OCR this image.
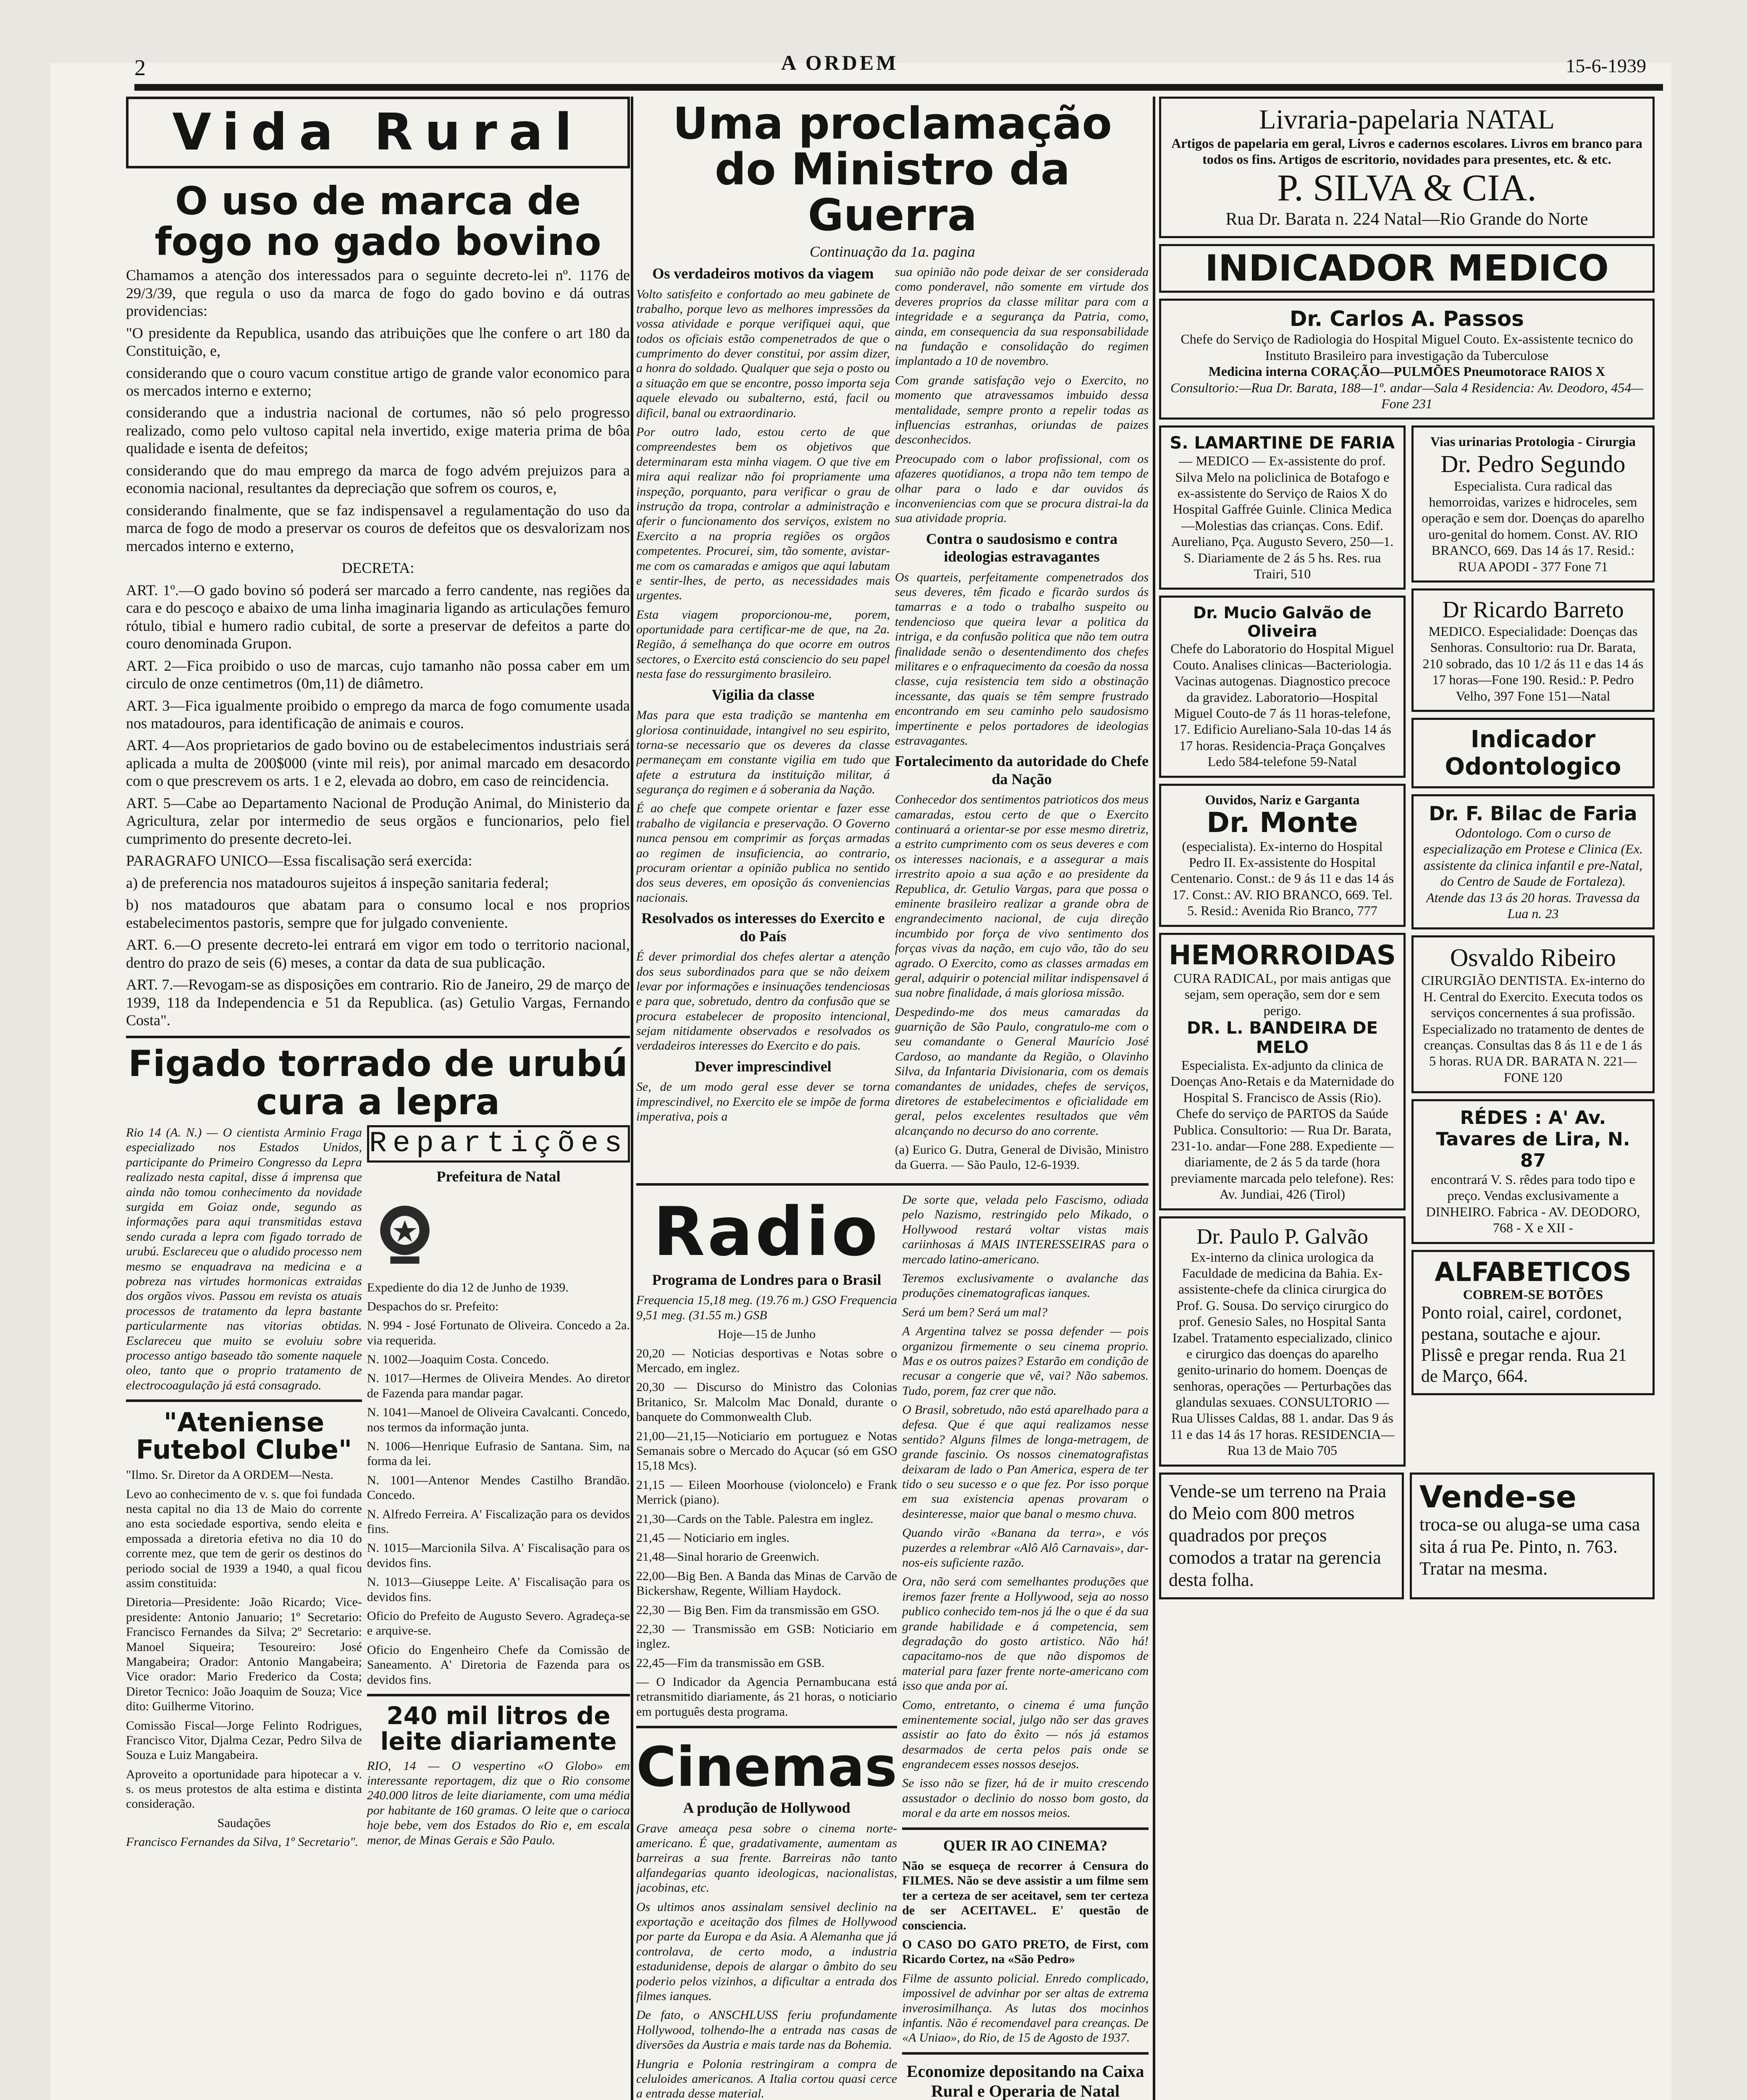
2	A ORDEM	15-6-1939
Vida Rural
O uso de marca de fogo no gado bovino

Chamamos a atenção dos interessados para o seguinte decreto-lei nº. 1176 de 29/3/39, que regula o uso da marca de fogo do gado bovino e dá outras providencias:

"O presidente da Republica, usando das atribuições que lhe confere o art 180 da Constituição, e,

considerando que o couro vacum constitue artigo de grande valor economico para os mercados interno e externo;

considerando que a industria nacional de cortumes, não só pelo progresso realizado, como pelo vultoso capital nela invertido, exige materia prima de bôa qualidade e isenta de defeitos;

considerando que do mau emprego da marca de fogo advém prejuizos para a economia nacional, resultantes da depreciação que sofrem os couros, e,

considerando finalmente, que se faz indispensavel a regulamentação do uso da marca de fogo de modo a preservar os couros de defeitos que os desvalorizam nos mercados interno e externo,

DECRETA:

ART. 1º.—O gado bovino só poderá ser marcado a ferro candente, nas regiões da cara e do pescoço e abaixo de uma linha imaginaria ligando as articulações femuro rótulo, tibial e humero radio cubital, de sorte a preservar de defeitos a parte do couro denominada Grupon.

ART. 2—Fica proibido o uso de marcas, cujo tamanho não possa caber em um circulo de onze centimetros (0m,11) de diâmetro.

ART. 3—Fica igualmente proibido o emprego da marca de fogo comumente usada nos matadouros, para identificação de animais e couros.

ART. 4—Aos proprietarios de gado bovino ou de estabelecimentos industriais será aplicada a multa de 200$000 (vinte mil reis), por animal marcado em desacordo com o que prescrevem os arts. 1 e 2, elevada ao dobro, em caso de reincidencia.

ART. 5—Cabe ao Departamento Nacional de Produção Animal, do Ministerio da Agricultura, zelar por intermedio de seus orgãos e funcionarios, pelo fiel cumprimento do presente decreto-lei.

PARAGRAFO UNICO—Essa fiscalisação será exercida:

a) de preferencia nos matadouros sujeitos á inspeção sanitaria federal;

b) nos matadouros que abatam para o consumo local e nos proprios estabelecimentos pastoris, sempre que for julgado conveniente.

ART. 6.—O presente decreto-lei entrará em vigor em todo o territorio nacional, dentro do prazo de seis (6) meses, a contar da data de sua publicação.

ART. 7.—Revogam-se as disposições em contrario. Rio de Janeiro, 29 de março de 1939, 118 da Independencia e 51 da Republica. (as) Getulio Vargas, Fernando Costa".

Figado torrado de urubú cura a lepra

Rio 14 (A. N.) — O cientista Arminio Fraga especializado nos Estados Unidos, participante do Primeiro Congresso da Lepra realizado nesta capital, disse á imprensa que ainda não tomou conhecimento da novidade surgida em Goiaz onde, segundo as informações para aqui transmitidas estava sendo curada a lepra com figado torrado de urubú. Esclareceu que o aludido processo nem mesmo se enquadrava na medicina e a pobreza nas virtudes hormonicas extraidas dos orgãos vivos. Passou em revista os atuais processos de tratamento da lepra bastante particularmente nas vitorias obtidas. Esclareceu que muito se evoluiu sobre processo antigo baseado tão somente naquele oleo, tanto que o proprio tratamento de electrocoagulação já está consagrado.

"Ateniense Futebol Clube"

"Ilmo. Sr. Diretor da A ORDEM—Nesta.

Levo ao conhecimento de v. s. que foi fundada nesta capital no dia 13 de Maio do corrente ano esta sociedade esportiva, sendo eleita e empossada a diretoria efetiva no dia 10 do corrente mez, que tem de gerir os destinos do periodo social de 1939 a 1940, a qual ficou assim constituida:

Diretoria—Presidente: João Ricardo; Vice-presidente: Antonio Januario; 1º Secretario: Francisco Fernandes da Silva; 2º Secretario: Manoel Siqueira; Tesoureiro: José Mangabeira; Orador: Antonio Mangabeira; Vice orador: Mario Frederico da Costa; Diretor Tecnico: João Joaquim de Souza; Vice dito: Guilherme Vitorino.

Comissão Fiscal—Jorge Felinto Rodrigues, Francisco Vitor, Djalma Cezar, Pedro Silva de Souza e Luiz Mangabeira.

Aproveito a oportunidade para hipotecar a v. s. os meus protestos de alta estima e distinta consideração.

Saudações

Francisco Fernandes da Silva, 1º Secretario".

Repartições

Prefeitura de Natal

Expediente do dia 12 de Junho de 1939.

Despachos do sr. Prefeito:

N. 994 - José Fortunato de Oliveira. Concedo a 2a. via requerida.

N. 1002—Joaquim Costa. Concedo.

N. 1017—Hermes de Oliveira Mendes. Ao diretor de Fazenda para mandar pagar.

N. 1041—Manoel de Oliveira Cavalcanti. Concedo, nos termos da informação junta.

N. 1006—Henrique Eufrasio de Santana. Sim, na forma da lei.

N. 1001—Antenor Mendes Castilho Brandão. Concedo.

N. Alfredo Ferreira. A' Fiscalização para os devidos fins.

N. 1015—Marcionila Silva. A' Fiscalisação para os devidos fins.

N. 1013—Giuseppe Leite. A' Fiscalisação para os devidos fins.

Oficio do Prefeito de Augusto Severo. Agradeça-se e arquive-se.

Oficio do Engenheiro Chefe da Comissão de Saneamento. A' Diretoria de Fazenda para os devidos fins.

240 mil litros de leite diariamente

RIO, 14 — O vespertino «O Globo» em interessante reportagem, diz que o Rio consome 240.000 litros de leite diariamente, com uma média por habitante de 160 gramas. O leite que o carioca hoje bebe, vem dos Estados do Rio e, em escala menor, de Minas Gerais e São Paulo.

Uma proclamação do Ministro da Guerra

Continuação da 1a. pagina

Os verdadeiros motivos da viagem

Volto satisfeito e confortado ao meu gabinete de trabalho, porque levo as melhores impressões da vossa atividade e porque verifiquei aqui, que todos os oficiais estão compenetrados de que o cumprimento do dever constitui, por assim dizer, a honra do soldado. Qualquer que seja o posto ou a situação em que se encontre, posso importa seja aquele elevado ou subalterno, está, facil ou dificil, banal ou extraordinario.

Por outro lado, estou certo de que compreendestes bem os objetivos que determinaram esta minha viagem. O que tive em mira aqui realizar não foi propriamente uma inspeção, porquanto, para verificar o grau de instrução da tropa, controlar a administração e aferir o funcionamento dos serviços, existem no Exercito a na propria regiões os orgãos competentes. Procurei, sim, tão somente, avistar-me com os camaradas e amigos que aqui labutam e sentir-lhes, de perto, as necessidades mais urgentes.

Esta viagem proporcionou-me, porem, oportunidade para certificar-me de que, na 2a. Região, á semelhança do que ocorre em outros sectores, o Exercito está consciencio do seu papel nesta fase do ressurgimento brasileiro.

Vigilia da classe

Mas para que esta tradição se mantenha em gloriosa continuidade, intangivel no seu espirito, torna-se necessario que os deveres da classe permaneçam em constante vigilia em tudo que afete a estrutura da instituição militar, á segurança do regimen e á soberania da Nação.

É ao chefe que compete orientar e fazer esse trabalho de vigilancia e preservação. O Governo nunca pensou em comprimir as forças armadas ao regimen de insuficiencia, ao contrario, procuram orientar a opinião publica no sentido dos seus deveres, em oposição ás conveniencias nacionais.

Resolvados os interesses do Exercito e do País

É dever primordial dos chefes alertar a atenção dos seus subordinados para que se não deixem levar por informações e insinuações tendenciosas e para que, sobretudo, dentro da confusão que se procura estabelecer de proposito intencional, sejam nitidamente observados e resolvados os verdadeiros interesses do Exercito e do pais.

Dever imprescindivel

Se, de um modo geral esse dever se torna imprescindivel, no Exercito ele se impõe de forma imperativa, pois a

sua opinião não pode deixar de ser considerada como ponderavel, não somente em virtude dos deveres proprios da classe militar para com a integridade e a segurança da Patria, como, ainda, em consequencia da sua responsabilidade na fundação e consolidação do regimen implantado a 10 de novembro.

Com grande satisfação vejo o Exercito, no momento que atravessamos imbuido dessa mentalidade, sempre pronto a repelir todas as influencias estranhas, oriundas de paizes desconhecidos.

Preocupado com o labor profissional, com os afazeres quotidianos, a tropa não tem tempo de olhar para o lado e dar ouvidos ás inconveniencias com que se procura distrai-la da sua atividade propria.

Contra o saudosismo e contra ideologias estravagantes

Os quarteis, perfeitamente compenetrados dos seus deveres, têm ficado e ficarão surdos ás tamarras e a todo o trabalho suspeito ou tendencioso que queira levar a politica da intriga, e da confusão politica que não tem outra finalidade senão o desentendimento dos chefes militares e o enfraquecimento da coesão da nossa classe, cuja resistencia tem sido a obstinação incessante, das quais se têm sempre frustrado encontrando em seu caminho pelo saudosismo impertinente e pelos portadores de ideologias estravagantes.

Fortalecimento da autoridade do Chefe da Nação

Conhecedor dos sentimentos patrioticos dos meus camaradas, estou certo de que o Exercito continuará a orientar-se por esse mesmo diretriz, a estrito cumprimento com os seus deveres e com os interesses nacionais, e a assegurar a mais irrestrito apoio a sua ação e ao presidente da Republica, dr. Getulio Vargas, para que possa o eminente brasileiro realizar a grande obra de engrandecimento nacional, de cuja direção incumbido por força de vivo sentimento dos forças vivas da nação, em cujo vão, tão do seu agrado. O Exercito, como as classes armadas em geral, adquirir o potencial militar indispensavel á sua nobre finalidade, á mais gloriosa missão.

Despedindo-me dos meus camaradas da guarnição de São Paulo, congratulo-me com o seu comandante o General Maurício José Cardoso, ao mandante da Região, o Olavinho Silva, da Infantaria Divisionaria, com os demais comandantes de unidades, chefes de serviços, diretores de estabelecimentos e oficialidade em geral, pelos excelentes resultados que vêm alcançando no decurso do ano corrente.

(a) Eurico G. Dutra, General de Divisão, Ministro da Guerra. — São Paulo, 12-6-1939.

Radio

Programa de Londres para o Brasil

Frequencia 15,18 meg. (19.76 m.) GSO Frequencia 9,51 meg. (31.55 m.) GSB

Hoje—15 de Junho

20,20 — Noticias desportivas e Notas sobre o Mercado, em inglez.

20,30 — Discurso do Ministro das Colonias Britanico, Sr. Malcolm Mac Donald, durante o banquete do Commonwealth Club.

21,00—21,15—Noticiario em portuguez e Notas Semanais sobre o Mercado do Açucar (só em GSO 15,18 Mcs).

21,15 — Eileen Moorhouse (violoncelo) e Frank Merrick (piano).

21,30—Cards on the Table. Palestra em inglez.

21,45 — Noticiario em ingles.

21,48—Sinal horario de Greenwich.

22,00—Big Ben. A Banda das Minas de Carvão de Bickershaw, Regente, William Haydock.

22,30 — Big Ben. Fim da transmissão em GSO.

22,30 — Transmissão em GSB: Noticiario em inglez.

22,45—Fim da transmissão em GSB.

— O Indicador da Agencia Pernambucana está retransmitido diariamente, ás 21 horas, o noticiario em português desta programa.

Cinemas

A produção de Hollywood

Grave ameaça pesa sobre o cinema norte-americano. É que, gradativamente, aumentam as barreiras a sua frente. Barreiras não tanto alfandegarias quanto ideologicas, nacionalistas, jacobinas, etc.

Os ultimos anos assinalam sensivel declinio na exportação e aceitação dos filmes de Hollywood por parte da Europa e da Asia. A Alemanha que já controlava, de certo modo, a industria estadunidense, depois de alargar o âmbito do seu poderio pelos vizinhos, a dificultar a entrada dos filmes ianques.

De fato, o ANSCHLUSS feriu profundamente Hollywood, tolhendo-lhe a entrada nas casas de diversões da Austria e mais tarde nas da Bohemia.

Hungria e Polonia restringiram a compra de celuloides americanos. A Italia cortou quasi cerce a entrada desse material.

De sorte que, velada pelo Fascismo, odiada pelo Nazismo, restringido pelo Mikado, o Hollywood restará voltar vistas mais cariinhosas á MAIS INTERESSEIRAS para o mercado latino-americano.

Teremos exclusivamente o avalanche das produções cinematograficas ianques.

Será um bem? Será um mal?

A Argentina talvez se possa defender — pois organizou firmemente o seu cinema proprio. Mas e os outros paizes? Estarão em condição de recusar a congerie que vê, vai? Não sabemos. Tudo, porem, faz crer que não.

O Brasil, sobretudo, não está aparelhado para a defesa. Que é que aqui realizamos nesse sentido? Alguns filmes de longa-metragem, de grande fascinio. Os nossos cinematografistas deixaram de lado o Pan America, espera de ter tido o seu sucesso e o que fez. Por isso porque em sua existencia apenas provaram o desinteresse, maior que banal o mesmo chuva.

Quando virão «Banana da terra», e vós puzerdes a relembrar «Alô Alô Carnavais», dar-nos-eis suficiente razão.

Ora, não será com semelhantes produções que iremos fazer frente a Hollywood, seja ao nosso publico conhecido tem-nos já lhe o que é da sua grande habilidade e á competencia, sem degradação do gosto artistico. Não há! capacitamo-nos de que não dispomos de material para fazer frente norte-americano com isso que anda por aí.

Como, entretanto, o cinema é uma função eminentemente social, julgo não ser das graves assistir ao fato do êxito — nós já estamos desarmados de certa pelos pais onde se engrandecem esses nossos desejos.

Se isso não se fizer, há de ir muito crescendo assustador o declinio do nosso bom gosto, da moral e da arte em nossos meios.

QUER IR AO CINEMA?

Não se esqueça de recorrer á Censura do FILMES. Não se deve assistir a um filme sem ter a certeza de ser aceitavel, sem ter certeza de ser ACEITAVEL. E' questão de consciencia.

O CASO DO GATO PRETO, de First, com Ricardo Cortez, na «São Pedro»

Filme de assunto policial. Enredo complicado, impossivel de advinhar por ser altas de extrema inverosimilhança. As lutas dos mocinhos infantis. Não é recomendavel para creanças. De «A Uniao», do Rio, de 15 de Agosto de 1937.

Economize depositando na Caixa Rural e Operaria de Natal

Livraria-papelaria NATAL
Artigos de papelaria em geral, Livros e cadernos escolares. Livros em branco para todos os fins. Artigos de escritorio, novidades para presentes, etc. & etc.
P. SILVA & CIA.
Rua Dr. Barata n. 224 Natal—Rio Grande do Norte
INDICADOR MEDICO
Dr. Carlos A. Passos
Chefe do Serviço de Radiologia do Hospital Miguel Couto. Ex-assistente tecnico do Instituto Brasileiro para investigação da Tuberculose
Medicina interna CORAÇÃO—PULMÕES Pneumotorace RAIOS X
Consultorio:—Rua Dr. Barata, 188—1º. andar—Sala 4 Residencia: Av. Deodoro, 454—Fone 231
S. LAMARTINE DE FARIA
— MEDICO — Ex-assistente do prof. Silva Melo na policlinica de Botafogo e ex-assistente do Serviço de Raios X do Hospital Gaffrée Guinle. Clinica Medica—Molestias das crianças. Cons. Edif. Aureliano, Pça. Augusto Severo, 250—1. S. Diariamente de 2 ás 5 hs. Res. rua Trairi, 510
Dr. Mucio Galvão de Oliveira
Chefe do Laboratorio do Hospital Miguel Couto. Analises clinicas—Bacteriologia. Vacinas autogenas. Diagnostico precoce da gravidez. Laboratorio—Hospital Miguel Couto-de 7 ás 11 horas-telefone, 17. Edificio Aureliano-Sala 10-das 14 ás 17 horas. Residencia-Praça Gonçalves Ledo 584-telefone 59-Natal
Ouvidos, Nariz e Garganta
Dr. Monte
(especialista). Ex-interno do Hospital Pedro II. Ex-assistente do Hospital Centenario. Const.: de 9 ás 11 e das 14 ás 17. Const.: AV. RIO BRANCO, 669. Tel. 5. Resid.: Avenida Rio Branco, 777
HEMORROIDAS
CURA RADICAL, por mais antigas que sejam, sem operação, sem dor e sem perigo.
DR. L. BANDEIRA DE MELO
Especialista. Ex-adjunto da clinica de Doenças Ano-Retais e da Maternidade do Hospital S. Francisco de Assis (Rio). Chefe do serviço de PARTOS da Saúde Publica. Consultorio: — Rua Dr. Barata, 231-1o. andar—Fone 288. Expediente — diariamente, de 2 ás 5 da tarde (hora previamente marcada pelo telefone). Res: Av. Jundiai, 426 (Tirol)
Dr. Paulo P. Galvão
Ex-interno da clinica urologica da Faculdade de medicina da Bahia. Ex-assistente-chefe da clinica cirurgica do Prof. G. Sousa. Do serviço cirurgico do prof. Genesio Sales, no Hospital Santa Izabel. Tratamento especializado, clinico e cirurgico das doenças do aparelho genito-urinario do homem. Doenças de senhoras, operações — Perturbações das glandulas sexuaes. CONSULTORIO — Rua Ulisses Caldas, 88 1. andar. Das 9 ás 11 e das 14 ás 17 horas. RESIDENCIA—Rua 13 de Maio 705
Vias urinarias Protologia - Cirurgia
Dr. Pedro Segundo
Especialista. Cura radical das hemorroidas, varizes e hidroceles, sem operação e sem dor. Doenças do aparelho uro-genital do homem. Const. AV. RIO BRANCO, 669. Das 14 ás 17. Resid.: RUA APODI - 377 Fone 71
Dr Ricardo Barreto
MEDICO. Especialidade: Doenças das Senhoras. Consultorio: rua Dr. Barata, 210 sobrado, das 10 1/2 ás 11 e das 14 ás 17 horas—Fone 190. Resid.: P. Pedro Velho, 397 Fone 151—Natal
Indicador Odontologico
Dr. F. Bilac de Faria
Odontologo. Com o curso de especialização em Protese e Clinica (Ex. assistente da clinica infantil e pre-Natal, do Centro de Saude de Fortaleza). Atende das 13 ás 20 horas. Travessa da Lua n. 23
Osvaldo Ribeiro
CIRURGIÃO DENTISTA. Ex-interno do H. Central do Exercito. Executa todos os serviços concernentes á sua profissão. Especializado no tratamento de dentes de creanças. Consultas das 8 ás 11 e de 1 ás 5 horas. RUA DR. BARATA N. 221—FONE 120
RÉDES : A' Av. Tavares de Lira, N. 87
encontrará V. S. rêdes para todo tipo e preço. Vendas exclusivamente a DINHEIRO. Fabrica - AV. DEODORO, 768 - X e XII -
ALFABETICOS
COBREM-SE BOTÕES
Ponto roial, cairel, cordonet, pestana, soutache e ajour. Plissê e pregar renda. Rua 21 de Março, 664.
Vende-se um terreno na Praia do Meio com 800 metros quadrados por preços comodos a tratar na gerencia desta folha.
Vende-se
troca-se ou aluga-se uma casa sita á rua Pe. Pinto, n. 763. Tratar na mesma.
